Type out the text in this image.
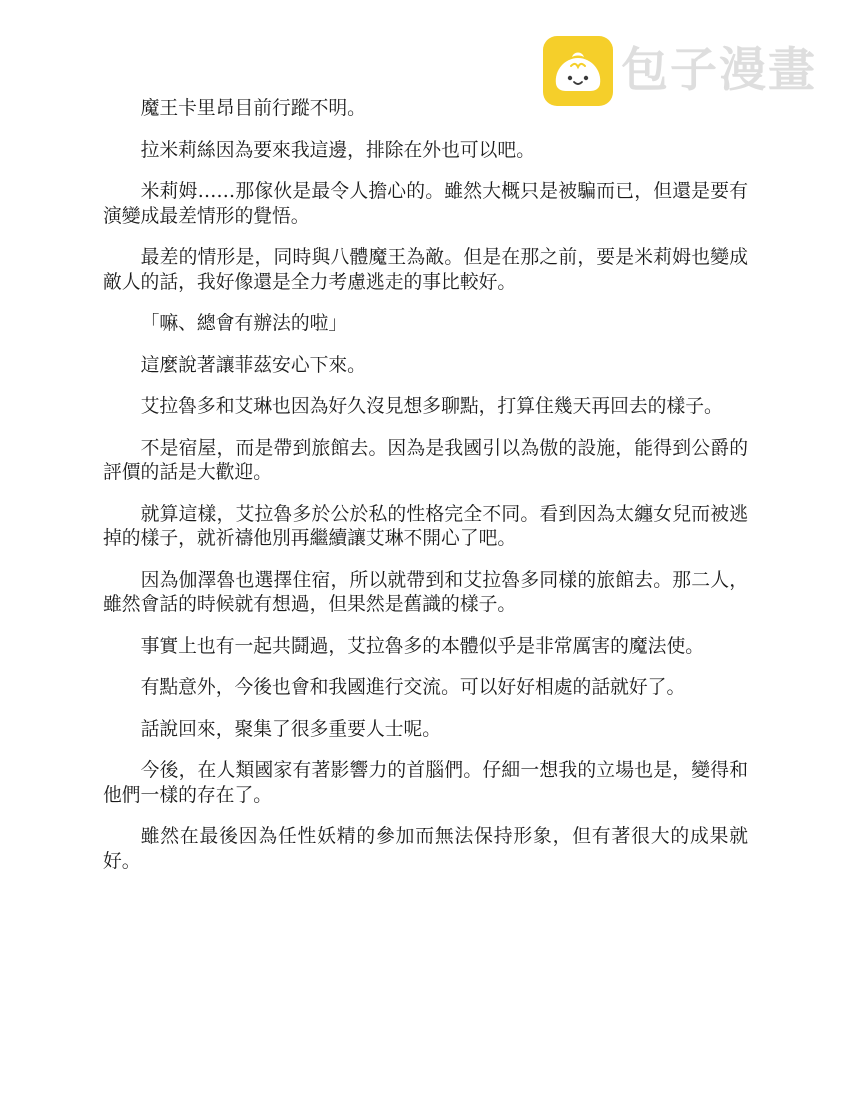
包子漫畫

魔王卡里昂目前行蹤不明。

拉米莉絲因為要來我這邊，排除在外也可以吧。

米莉姆……那傢伙是最令人擔心的。雖然大概只是被騙而已，但還是要有演變成最差情形的覺悟。

最差的情形是，同時與八體魔王為敵。但是在那之前，要是米莉姆也變成敵人的話，我好像還是全力考慮逃走的事比較好。

「嘛、總會有辦法的啦」

這麼說著讓菲茲安心下來。

艾拉魯多和艾琳也因為好久沒見想多聊點，打算住幾天再回去的樣子。

不是宿屋，而是帶到旅館去。因為是我國引以為傲的設施，能得到公爵的評價的話是大歡迎。

就算這樣，艾拉魯多於公於私的性格完全不同。看到因為太纏女兒而被逃掉的樣子，就祈禱他別再繼續讓艾琳不開心了吧。

因為伽澤魯也選擇住宿，所以就帶到和艾拉魯多同樣的旅館去。那二人，雖然會話的時候就有想過，但果然是舊識的樣子。

事實上也有一起共鬪過，艾拉魯多的本體似乎是非常厲害的魔法使。

有點意外，今後也會和我國進行交流。可以好好相處的話就好了。

話說回來，聚集了很多重要人士呢。

今後，在人類國家有著影響力的首腦們。仔細一想我的立場也是，變得和他們一樣的存在了。

雖然在最後因為任性妖精的參加而無法保持形象，但有著很大的成果就好。
